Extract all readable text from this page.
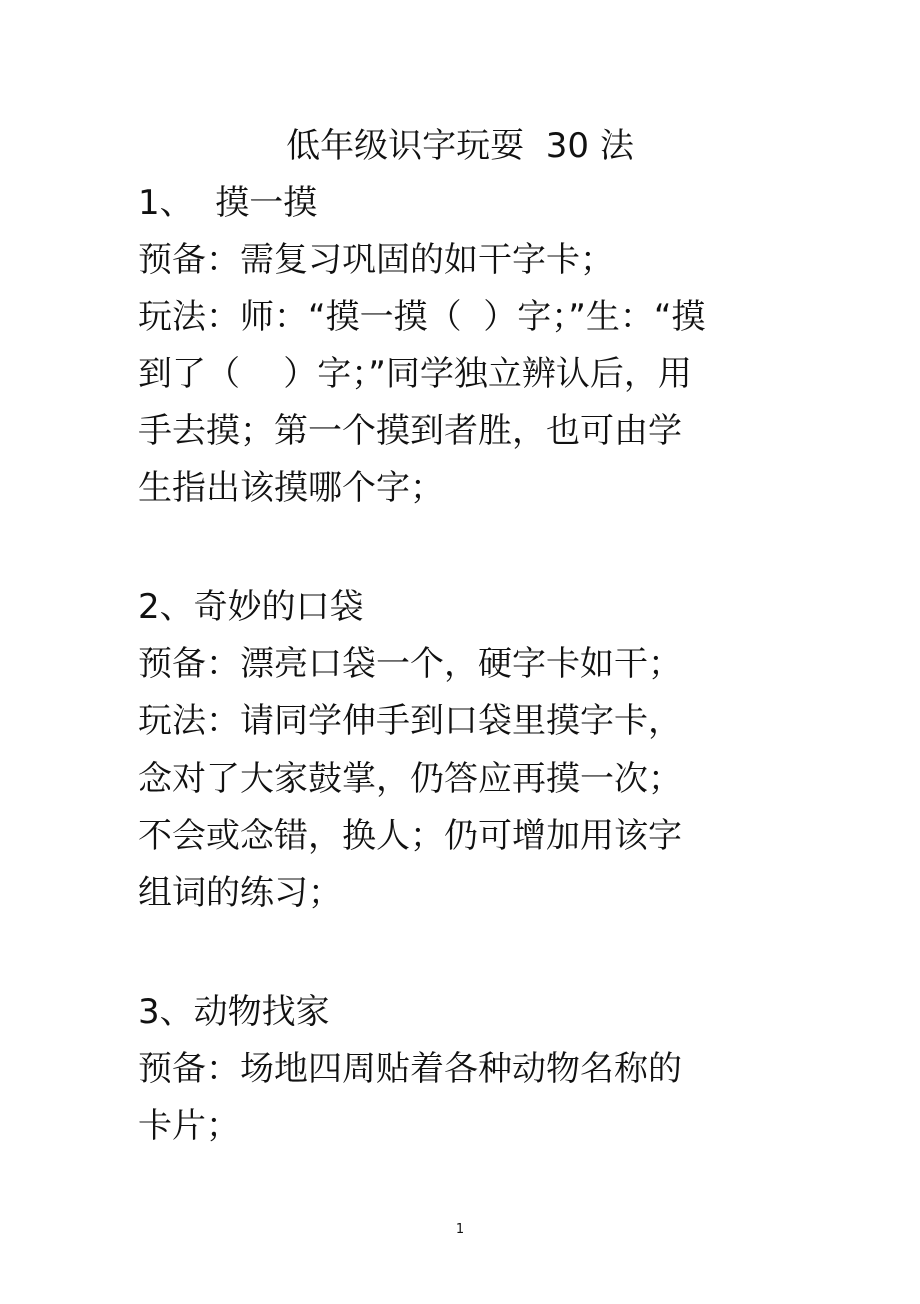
低年级识字玩耍  30 法
1、  摸一摸
预备：需复习巩固的如干字卡；
玩法：师：“摸一摸（  ）字；”生：“摸
到了（    ）字；”同学独立辨认后，用
手去摸；第一个摸到者胜，也可由学
生指出该摸哪个字；
2、奇妙的口袋
预备：漂亮口袋一个，硬字卡如干；
玩法：请同学伸手到口袋里摸字卡，
念对了大家鼓掌，仍答应再摸一次；
不会或念错，换人；仍可增加用该字
组词的练习；
3、动物找家
预备：场地四周贴着各种动物名称的
卡片；
1
